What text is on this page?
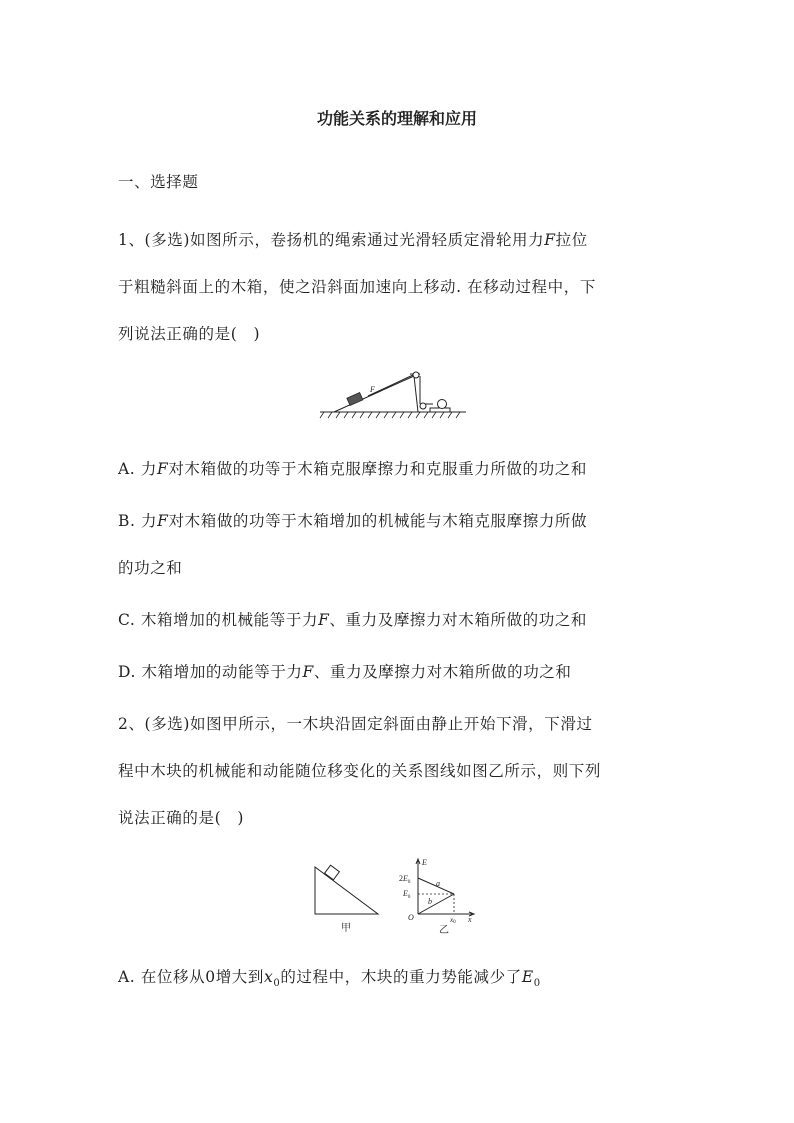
功能关系的理解和应用
一、选择题
1、(多选)如图所示，卷扬机的绳索通过光滑轻质定滑轮用力F拉位
于粗糙斜面上的木箱，使之沿斜面加速向上移动. 在移动过程中，下
列说法正确的是(　)
F
A. 力F对木箱做的功等于木箱克服摩擦力和克服重力所做的功之和
B. 力F对木箱做的功等于木箱增加的机械能与木箱克服摩擦力所做
的功之和
C. 木箱增加的机械能等于力F、重力及摩擦力对木箱所做的功之和
D. 木箱增加的动能等于力F、重力及摩擦力对木箱所做的功之和
2、(多选)如图甲所示，一木块沿固定斜面由静止开始下滑，下滑过
程中木块的机械能和动能随位移变化的关系图线如图乙所示，则下列
说法正确的是(　)
甲
E
$2E_0$
$E_0$
O
a
b
x0 x
乙
A. 在位移从0增大到$x_0$的过程中，木块的重力势能减少了$E_0$
